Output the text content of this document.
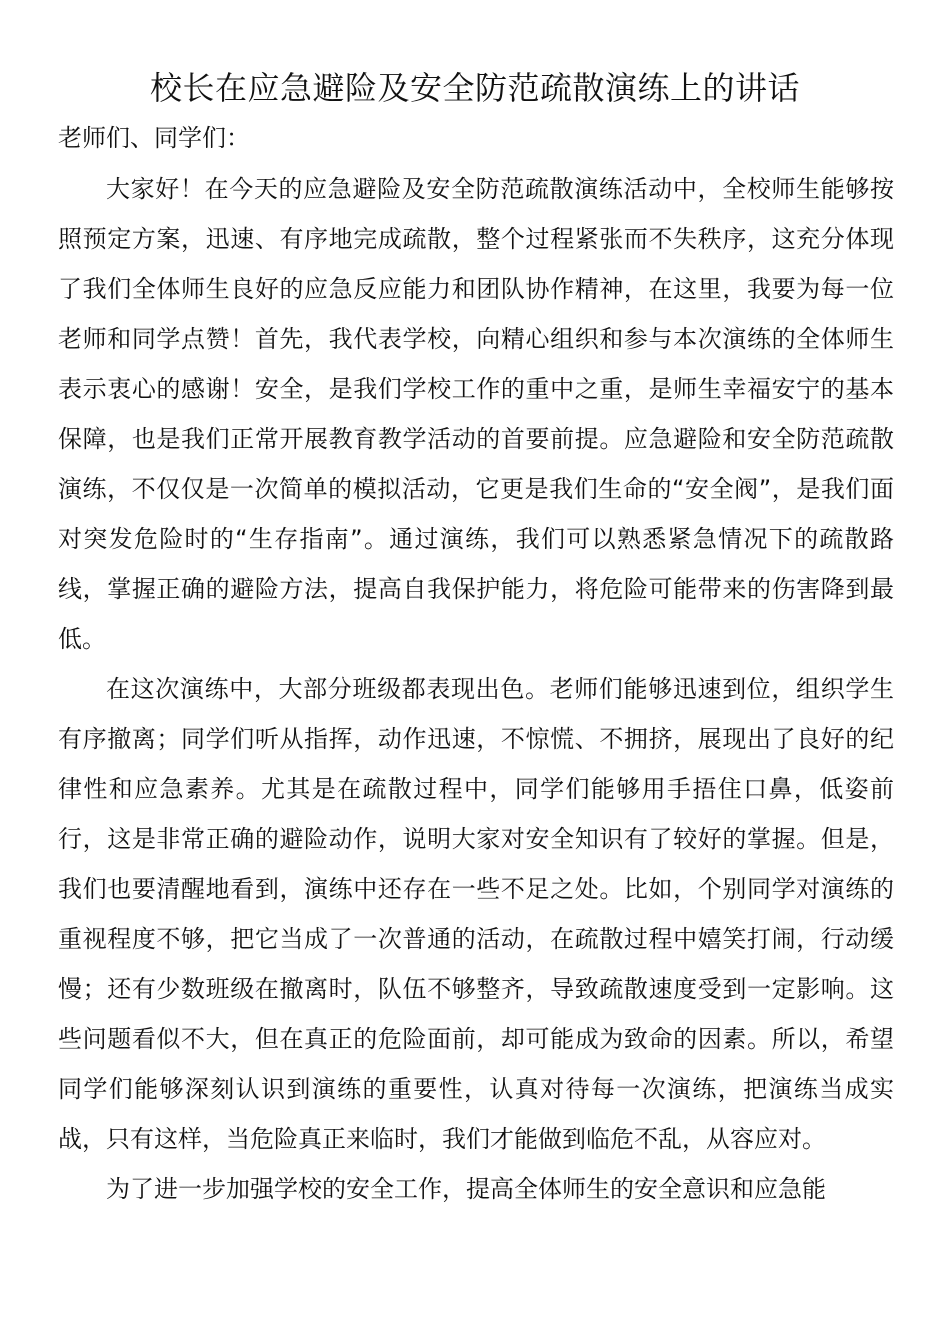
校长在应急避险及安全防范疏散演练上的讲话

老师们、同学们：

大家好！在今天的应急避险及安全防范疏散演练活动中，全校师生能够按照预定方案，迅速、有序地完成疏散，整个过程紧张而不失秩序，这充分体现了我们全体师生良好的应急反应能力和团队协作精神，在这里，我要为每一位老师和同学点赞！首先，我代表学校，向精心组织和参与本次演练的全体师生表示衷心的感谢！安全，是我们学校工作的重中之重，是师生幸福安宁的基本保障，也是我们正常开展教育教学活动的首要前提。应急避险和安全防范疏散演练，不仅仅是一次简单的模拟活动，它更是我们生命的“安全阀”，是我们面对突发危险时的“生存指南”。通过演练，我们可以熟悉紧急情况下的疏散路线，掌握正确的避险方法，提高自我保护能力，将危险可能带来的伤害降到最低。

在这次演练中，大部分班级都表现出色。老师们能够迅速到位，组织学生有序撤离；同学们听从指挥，动作迅速，不惊慌、不拥挤，展现出了良好的纪律性和应急素养。尤其是在疏散过程中，同学们能够用手捂住口鼻，低姿前行，这是非常正确的避险动作，说明大家对安全知识有了较好的掌握。但是，我们也要清醒地看到，演练中还存在一些不足之处。比如，个别同学对演练的重视程度不够，把它当成了一次普通的活动，在疏散过程中嬉笑打闹，行动缓慢；还有少数班级在撤离时，队伍不够整齐，导致疏散速度受到一定影响。这些问题看似不大，但在真正的危险面前，却可能成为致命的因素。所以，希望同学们能够深刻认识到演练的重要性，认真对待每一次演练，把演练当成实战，只有这样，当危险真正来临时，我们才能做到临危不乱，从容应对。

为了进一步加强学校的安全工作，提高全体师生的安全意识和应急能
